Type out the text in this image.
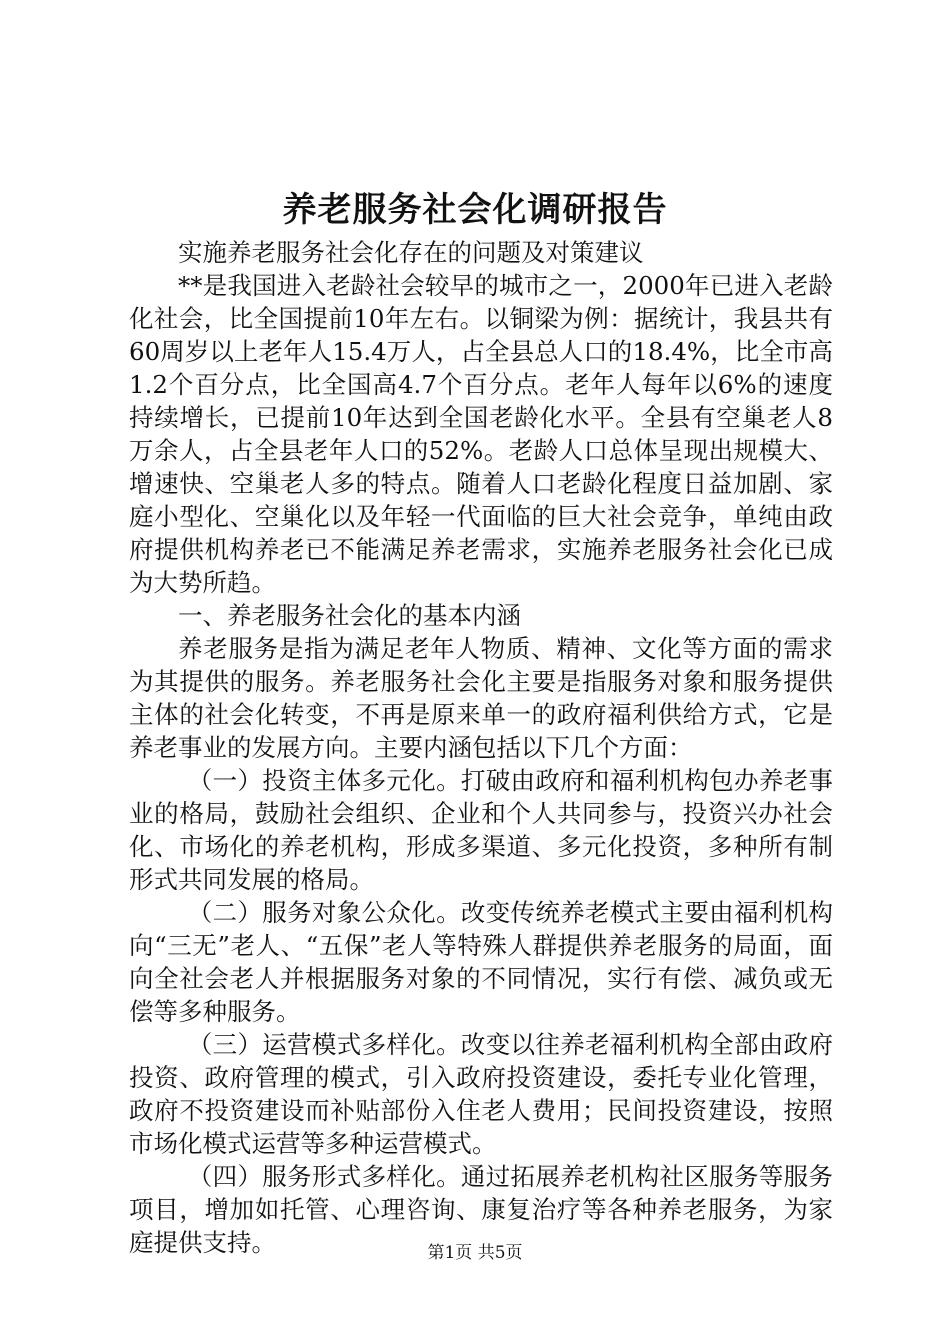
养老服务社会化调研报告

实施养老服务社会化存在的问题及对策建议

**是我国进入老龄社会较早的城市之一，2000年已进入老龄化社会，比全国提前10年左右。以铜梁为例：据统计，我县共有60周岁以上老年人15.4万人，占全县总人口的18.4%，比全市高1.2个百分点，比全国高4.7个百分点。老年人每年以6%的速度持续增长，已提前10年达到全国老龄化水平。全县有空巢老人8万余人，占全县老年人口的52%。老龄人口总体呈现出规模大、增速快、空巢老人多的特点。随着人口老龄化程度日益加剧、家庭小型化、空巢化以及年轻一代面临的巨大社会竞争，单纯由政府提供机构养老已不能满足养老需求，实施养老服务社会化已成为大势所趋。

一、养老服务社会化的基本内涵

养老服务是指为满足老年人物质、精神、文化等方面的需求为其提供的服务。养老服务社会化主要是指服务对象和服务提供主体的社会化转变，不再是原来单一的政府福利供给方式，它是养老事业的发展方向。主要内涵包括以下几个方面：

（一）投资主体多元化。打破由政府和福利机构包办养老事业的格局，鼓励社会组织、企业和个人共同参与，投资兴办社会化、市场化的养老机构，形成多渠道、多元化投资，多种所有制形式共同发展的格局。

（二）服务对象公众化。改变传统养老模式主要由福利机构向“三无”老人、“五保”老人等特殊人群提供养老服务的局面，面向全社会老人并根据服务对象的不同情况，实行有偿、减负或无偿等多种服务。

（三）运营模式多样化。改变以往养老福利机构全部由政府投资、政府管理的模式，引入政府投资建设，委托专业化管理，政府不投资建设而补贴部份入住老人费用；民间投资建设，按照市场化模式运营等多种运营模式。

（四）服务形式多样化。通过拓展养老机构社区服务等服务项目，增加如托管、心理咨询、康复治疗等各种养老服务，为家庭提供支持。	第1页 共5页
